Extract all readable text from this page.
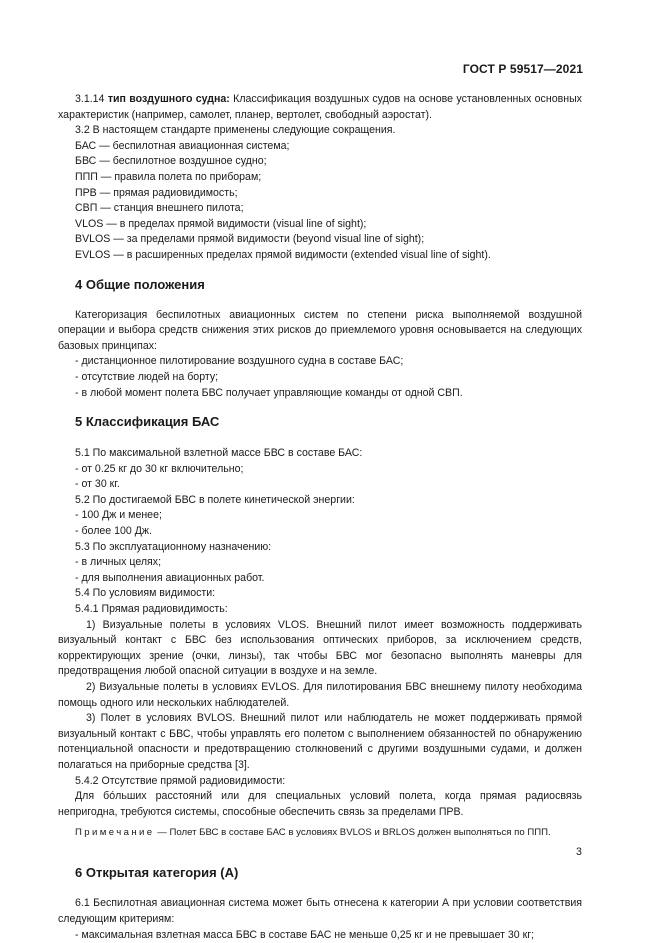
ГОСТ Р 59517—2021

3.1.14 тип воздушного судна: Классификация воздушных судов на основе установленных основных характеристик (например, самолет, планер, вертолет, свободный аэростат).

3.2 В настоящем стандарте применены следующие сокращения.

БАС — беспилотная авиационная система;

БВС — беспилотное воздушное судно;

ППП — правила полета по приборам;

ПРВ — прямая радиовидимость;

СВП — станция внешнего пилота;

VLOS — в пределах прямой видимости (visual line of sight);

BVLOS — за пределами прямой видимости (beyond visual line of sight);

EVLOS — в расширенных пределах прямой видимости (extended visual line of sight).

4 Общие положения

Категоризация беспилотных авиационных систем по степени риска выполняемой воздушной операции и выбора средств снижения этих рисков до приемлемого уровня основывается на следующих базовых принципах:

- дистанционное пилотирование воздушного судна в составе БАС;

- отсутствие людей на борту;

- в любой момент полета БВС получает управляющие команды от одной СВП.

5 Классификация БАС

5.1 По максимальной взлетной массе БВС в составе БАС:

- от 0.25 кг до 30 кг включительно;

- от 30 кг.

5.2 По достигаемой БВС в полете кинетической энергии:

- 100 Дж и менее;

- более 100 Дж.

5.3 По эксплуатационному назначению:

- в личных целях;

- для выполнения авиационных работ.

5.4 По условиям видимости:

5.4.1 Прямая радиовидимость:

1) Визуальные полеты в условиях VLOS. Внешний пилот имеет возможность поддерживать визуальный контакт с БВС без использования оптических приборов, за исключением средств, корректирующих зрение (очки, линзы), так чтобы БВС мог безопасно выполнять маневры для предотвращения любой опасной ситуации в воздухе и на земле.

2) Визуальные полеты в условиях EVLOS. Для пилотирования БВС внешнему пилоту необходима помощь одного или нескольких наблюдателей.

3) Полет в условиях BVLOS. Внешний пилот или наблюдатель не может поддерживать прямой визуальный контакт с БВС, чтобы управлять его полетом с выполнением обязанностей по обнаружению потенциальной опасности и предотвращению столкновений с другими воздушными судами, и должен полагаться на приборные средства [3].

5.4.2 Отсутствие прямой радиовидимости:

Для бóльших расстояний или для специальных условий полета, когда прямая радиосвязь непригодна, требуются системы, способные обеспечить связь за пределами ПРВ.

Примечание — Полет БВС в составе БАС в условиях BVLOS и BRLOS должен выполняться по ППП.

6 Открытая категория (A)

6.1 Беспилотная авиационная система может быть отнесена к категории А при условии соответствия следующим критериям:

- максимальная взлетная масса БВС в составе БАС не меньше 0,25 кг и не превышает 30 кг;

3
